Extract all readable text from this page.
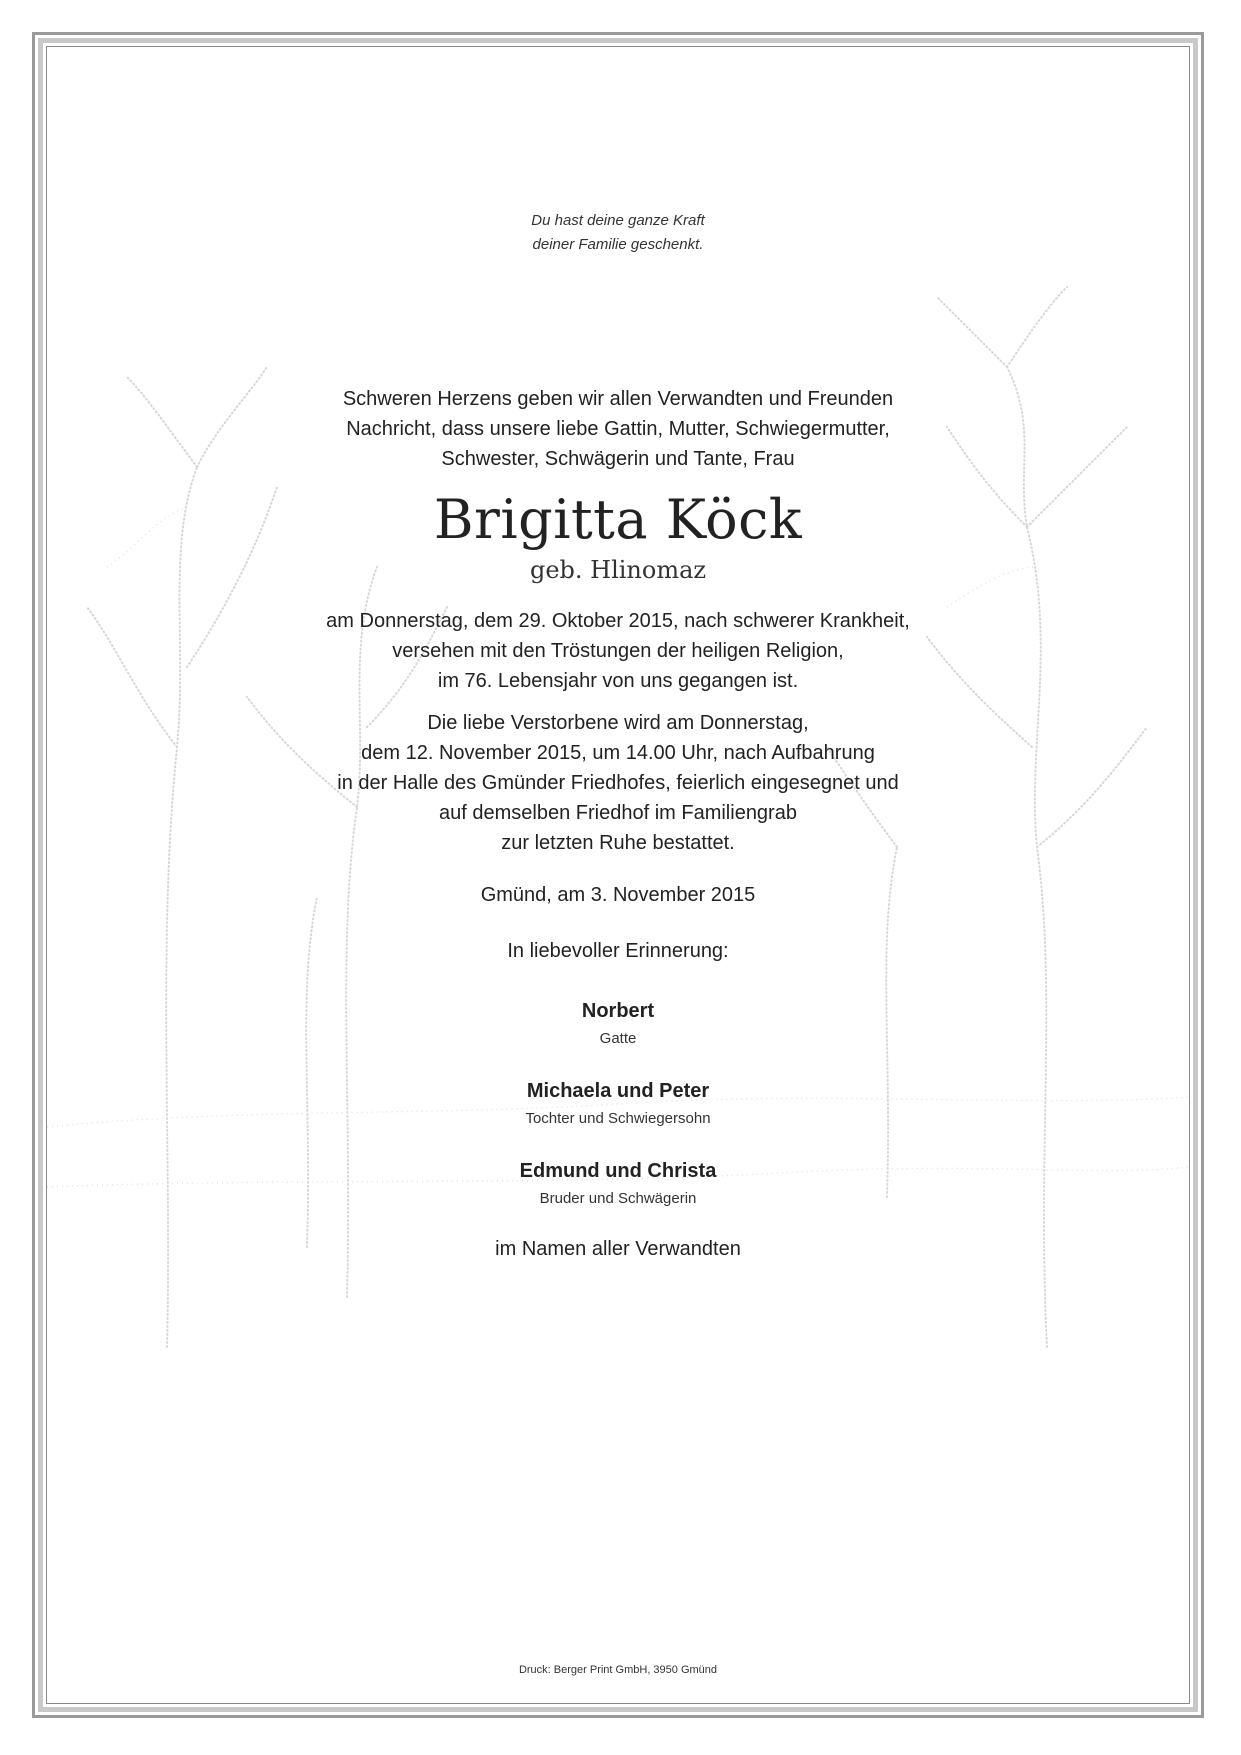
Du hast deine ganze Kraft
deiner Familie geschenkt.
Schweren Herzens geben wir allen Verwandten und Freunden
Nachricht, dass unsere liebe Gattin, Mutter, Schwiegermutter,
Schwester, Schwägerin und Tante, Frau
Brigitta Köck
geb. Hlinomaz
am Donnerstag, dem 29. Oktober 2015, nach schwerer Krankheit,
versehen mit den Tröstungen der heiligen Religion,
im 76. Lebensjahr von uns gegangen ist.
Die liebe Verstorbene wird am Donnerstag,
dem 12. November 2015, um 14.00 Uhr, nach Aufbahrung
in der Halle des Gmünder Friedhofes, feierlich eingesegnet und
auf demselben Friedhof im Familiengrab
zur letzten Ruhe bestattet.
Gmünd, am 3. November 2015
In liebevoller Erinnerung:
Norbert
Gatte
Michaela und Peter
Tochter und Schwiegersohn
Edmund und Christa
Bruder und Schwägerin
im Namen aller Verwandten
Druck: Berger Print GmbH, 3950 Gmünd
